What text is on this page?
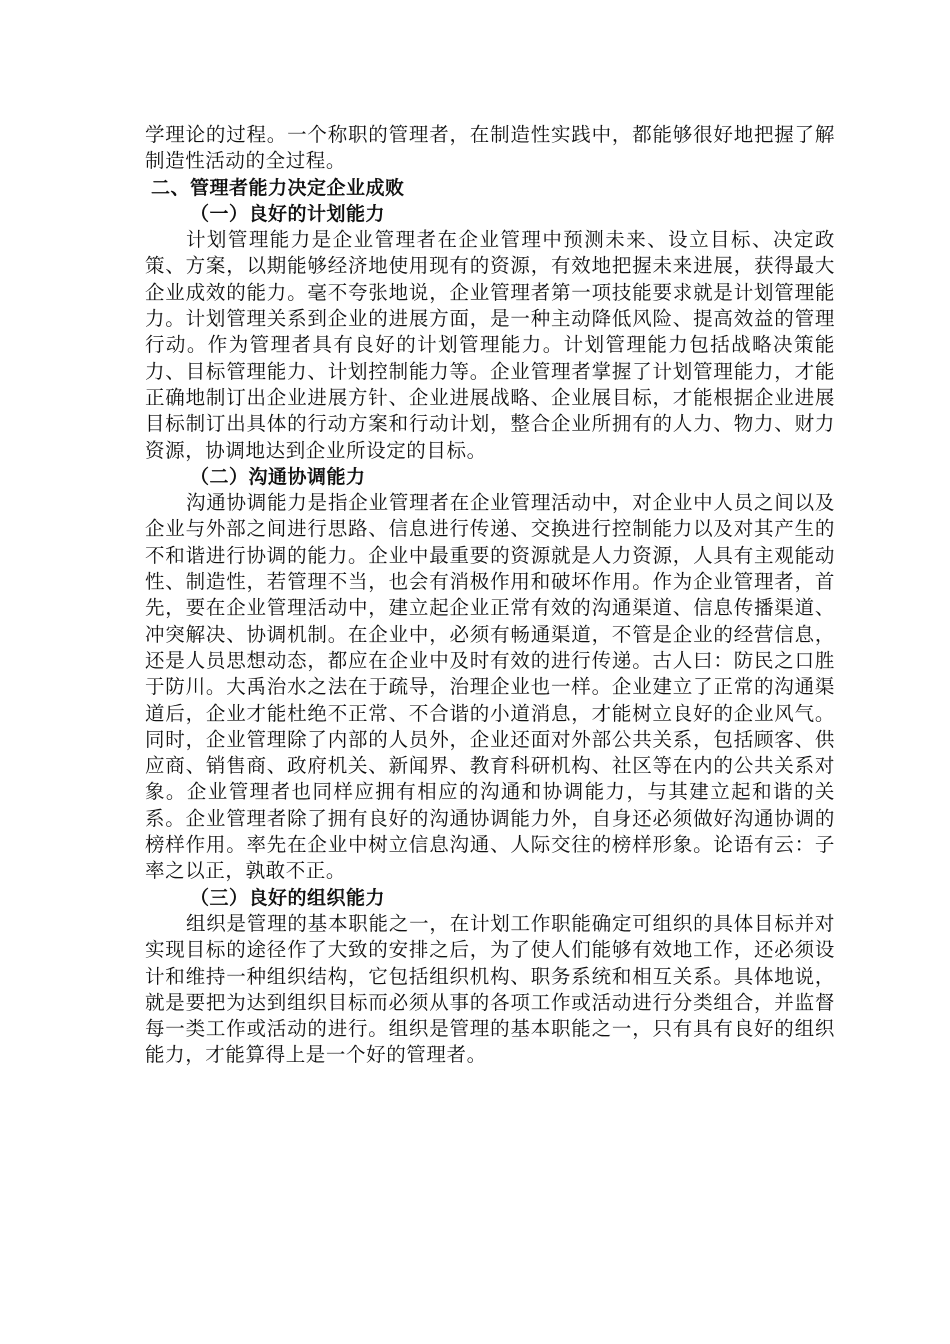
学理论的过程。一个称职的管理者，在制造性实践中，都能够很好地把握了解制造性活动的全过程。

二、管理者能力决定企业成败
（一）良好的计划能力

计划管理能力是企业管理者在企业管理中预测未来、设立目标、决定政策、方案，以期能够经济地使用现有的资源，有效地把握未来进展，获得最大企业成效的能力。毫不夸张地说，企业管理者第一项技能要求就是计划管理能力。计划管理关系到企业的进展方面，是一种主动降低风险、提高效益的管理行动。作为管理者具有良好的计划管理能力。计划管理能力包括战略决策能力、目标管理能力、计划控制能力等。企业管理者掌握了计划管理能力，才能正确地制订出企业进展方针、企业进展战略、企业展目标，才能根据企业进展目标制订出具体的行动方案和行动计划，整合企业所拥有的人力、物力、财力资源，协调地达到企业所设定的目标。

（二）沟通协调能力

沟通协调能力是指企业管理者在企业管理活动中，对企业中人员之间以及企业与外部之间进行思路、信息进行传递、交换进行控制能力以及对其产生的不和谐进行协调的能力。企业中最重要的资源就是人力资源，人具有主观能动性、制造性，若管理不当，也会有消极作用和破坏作用。作为企业管理者，首先，要在企业管理活动中，建立起企业正常有效的沟通渠道、信息传播渠道、冲突解决、协调机制。在企业中，必须有畅通渠道，不管是企业的经营信息，还是人员思想动态，都应在企业中及时有效的进行传递。古人曰：防民之口胜于防川。大禹治水之法在于疏导，治理企业也一样。企业建立了正常的沟通渠道后，企业才能杜绝不正常、不合谐的小道消息，才能树立良好的企业风气。同时，企业管理除了内部的人员外，企业还面对外部公共关系，包括顾客、供应商、销售商、政府机关、新闻界、教育科研机构、社区等在内的公共关系对象。企业管理者也同样应拥有相应的沟通和协调能力，与其建立起和谐的关系。企业管理者除了拥有良好的沟通协调能力外，自身还必须做好沟通协调的榜样作用。率先在企业中树立信息沟通、人际交往的榜样形象。论语有云：子率之以正，孰敢不正。

（三）良好的组织能力

组织是管理的基本职能之一，在计划工作职能确定可组织的具体目标并对实现目标的途径作了大致的安排之后，为了使人们能够有效地工作，还必须设计和维持一种组织结构，它包括组织机构、职务系统和相互关系。具体地说，就是要把为达到组织目标而必须从事的各项工作或活动进行分类组合，并监督每一类工作或活动的进行。组织是管理的基本职能之一，只有具有良好的组织能力，才能算得上是一个好的管理者。
